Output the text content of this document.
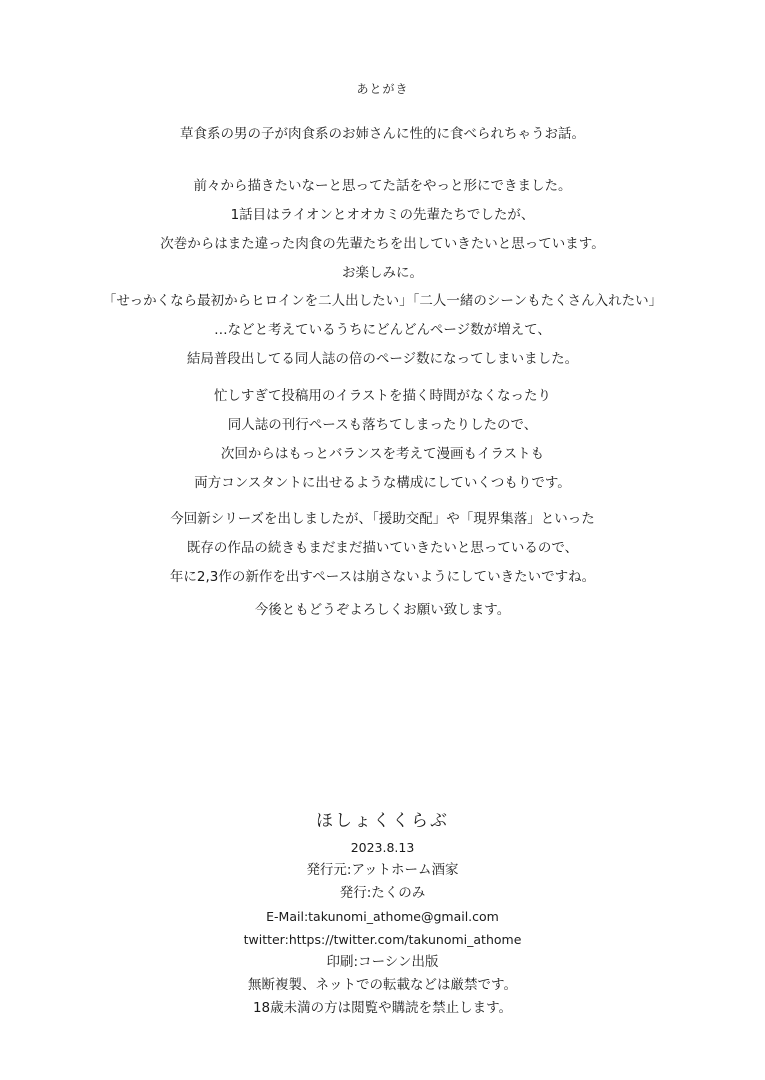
あとがき
草食系の男の子が肉食系のお姉さんに性的に食べられちゃうお話。
前々から描きたいなーと思ってた話をやっと形にできました。
1話目はライオンとオオカミの先輩たちでしたが、
次巻からはまた違った肉食の先輩たちを出していきたいと思っています。
お楽しみに。
「せっかくなら最初からヒロインを二人出したい」「二人一緒のシーンもたくさん入れたい」
…などと考えているうちにどんどんページ数が増えて、
結局普段出してる同人誌の倍のページ数になってしまいました。
忙しすぎて投稿用のイラストを描く時間がなくなったり
同人誌の刊行ペースも落ちてしまったりしたので、
次回からはもっとバランスを考えて漫画もイラストも
両方コンスタントに出せるような構成にしていくつもりです。
今回新シリーズを出しましたが、「援助交配」や「現界集落」といった
既存の作品の続きもまだまだ描いていきたいと思っているので、
年に2,3作の新作を出すペースは崩さないようにしていきたいですね。
今後ともどうぞよろしくお願い致します。
ほしょくくらぶ
2023.8.13
発行元:アットホーム酒家
発行:たくのみ
E-Mail:takunomi_athome@gmail.com
twitter:https://twitter.com/takunomi_athome
印刷:コーシン出版
無断複製、ネットでの転載などは厳禁です。
18歳未満の方は閲覧や購読を禁止します。
